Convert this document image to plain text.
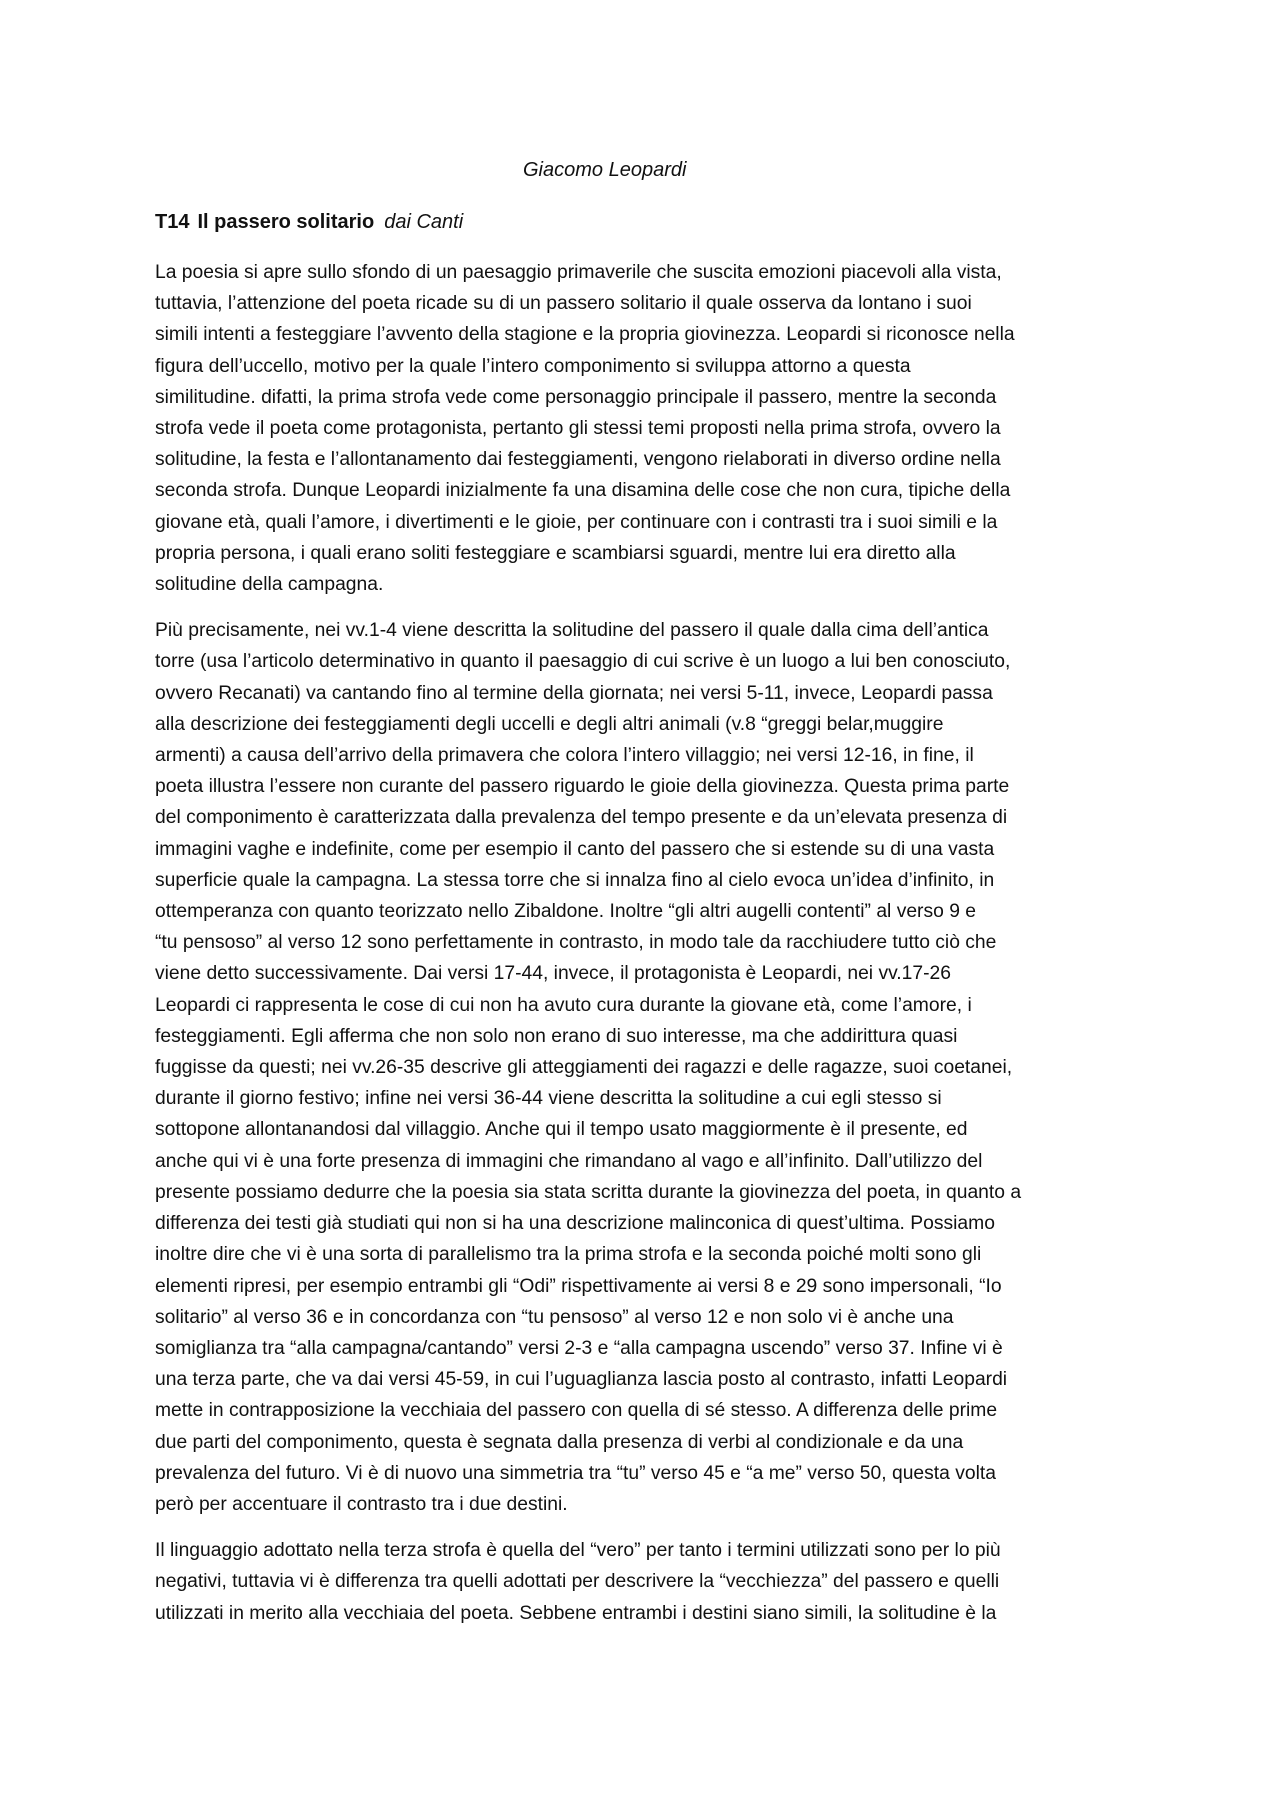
Giacomo Leopardi
T14 Il passero solitario dai Canti
La poesia si apre sullo sfondo di un paesaggio primaverile che suscita emozioni piacevoli alla vista,
tuttavia, l’attenzione del poeta ricade su di un passero solitario il quale osserva da lontano i suoi
simili intenti a festeggiare l’avvento della stagione e la propria giovinezza. Leopardi si riconosce nella
figura dell’uccello, motivo per la quale l’intero componimento si sviluppa attorno a questa
similitudine. difatti, la prima strofa vede come personaggio principale il passero, mentre la seconda
strofa vede il poeta come protagonista, pertanto gli stessi temi proposti nella prima strofa, ovvero la
solitudine, la festa e l’allontanamento dai festeggiamenti, vengono rielaborati in diverso ordine nella
seconda strofa. Dunque Leopardi inizialmente fa una disamina delle cose che non cura, tipiche della
giovane età, quali l’amore, i divertimenti e le gioie, per continuare con i contrasti tra i suoi simili e la
propria persona, i quali erano soliti festeggiare e scambiarsi sguardi, mentre lui era diretto alla
solitudine della campagna.
Più precisamente, nei vv.1-4 viene descritta la solitudine del passero il quale dalla cima dell’antica
torre (usa l’articolo determinativo in quanto il paesaggio di cui scrive è un luogo a lui ben conosciuto,
ovvero Recanati) va cantando fino al termine della giornata; nei versi 5-11, invece, Leopardi passa
alla descrizione dei festeggiamenti degli uccelli e degli altri animali (v.8 “greggi belar,muggire
armenti) a causa dell’arrivo della primavera che colora l’intero villaggio; nei versi 12-16, in fine, il
poeta illustra l’essere non curante del passero riguardo le gioie della giovinezza. Questa prima parte
del componimento è caratterizzata dalla prevalenza del tempo presente e da un’elevata presenza di
immagini vaghe e indefinite, come per esempio il canto del passero che si estende su di una vasta
superficie quale la campagna. La stessa torre che si innalza fino al cielo evoca un’idea d’infinito, in
ottemperanza con quanto teorizzato nello Zibaldone. Inoltre “gli altri augelli contenti” al verso 9 e
“tu pensoso” al verso 12 sono perfettamente in contrasto, in modo tale da racchiudere tutto ciò che
viene detto successivamente. Dai versi 17-44, invece, il protagonista è Leopardi, nei vv.17-26
Leopardi ci rappresenta le cose di cui non ha avuto cura durante la giovane età, come l’amore, i
festeggiamenti. Egli afferma che non solo non erano di suo interesse, ma che addirittura quasi
fuggisse da questi; nei vv.26-35 descrive gli atteggiamenti dei ragazzi e delle ragazze, suoi coetanei,
durante il giorno festivo; infine nei versi 36-44 viene descritta la solitudine a cui egli stesso si
sottopone allontanandosi dal villaggio. Anche qui il tempo usato maggiormente è il presente, ed
anche qui vi è una forte presenza di immagini che rimandano al vago e all’infinito. Dall’utilizzo del
presente possiamo dedurre che la poesia sia stata scritta durante la giovinezza del poeta, in quanto a
differenza dei testi già studiati qui non si ha una descrizione malinconica di quest’ultima. Possiamo
inoltre dire che vi è una sorta di parallelismo tra la prima strofa e la seconda poiché molti sono gli
elementi ripresi, per esempio entrambi gli “Odi” rispettivamente ai versi 8 e 29 sono impersonali, “Io
solitario” al verso 36 e in concordanza con “tu pensoso” al verso 12 e non solo vi è anche una
somiglianza tra “alla campagna/cantando” versi 2-3 e “alla campagna uscendo” verso 37. Infine vi è
una terza parte, che va dai versi 45-59, in cui l’uguaglianza lascia posto al contrasto, infatti Leopardi
mette in contrapposizione la vecchiaia del passero con quella di sé stesso. A differenza delle prime
due parti del componimento, questa è segnata dalla presenza di verbi al condizionale e da una
prevalenza del futuro. Vi è di nuovo una simmetria tra “tu” verso 45 e “a me” verso 50, questa volta
però per accentuare il contrasto tra i due destini.
Il linguaggio adottato nella terza strofa è quella del “vero” per tanto i termini utilizzati sono per lo più
negativi, tuttavia vi è differenza tra quelli adottati per descrivere la “vecchiezza” del passero e quelli
utilizzati in merito alla vecchiaia del poeta. Sebbene entrambi i destini siano simili, la solitudine è la
